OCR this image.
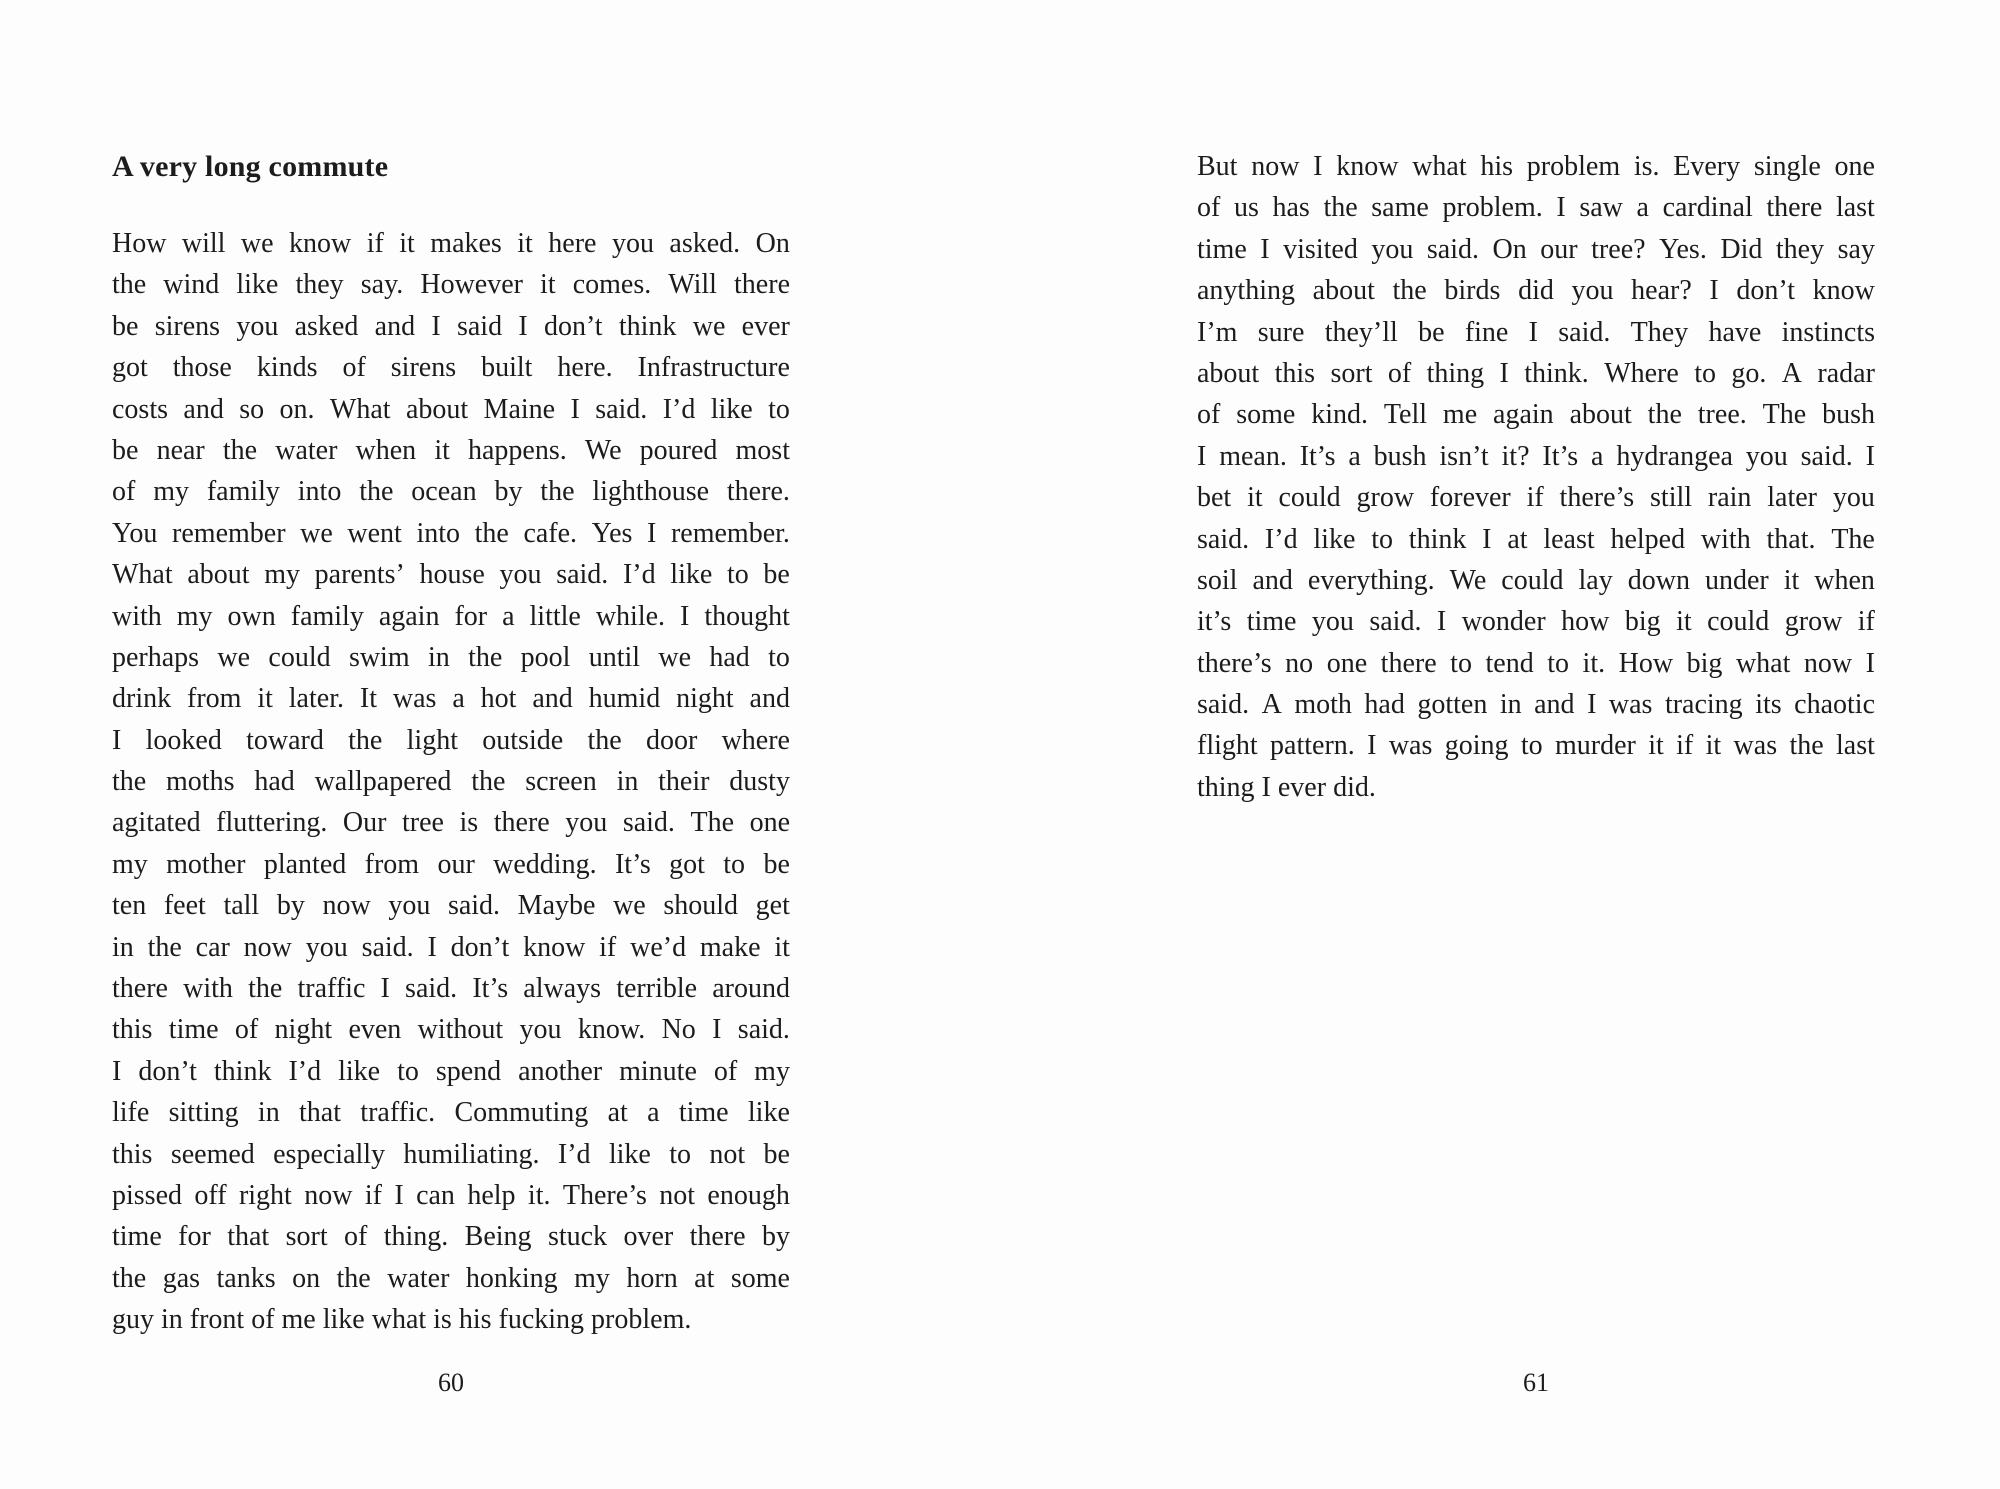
A very long commute
How will we know if it makes it here you asked. On
the wind like they say. However it comes. Will there
be sirens you asked and I said I don’t think we ever
got those kinds of sirens built here. Infrastructure
costs and so on. What about Maine I said. I’d like to
be near the water when it happens. We poured most
of my family into the ocean by the lighthouse there.
You remember we went into the cafe. Yes I remember.
What about my parents’ house you said. I’d like to be
with my own family again for a little while. I thought
perhaps we could swim in the pool until we had to
drink from it later. It was a hot and humid night and
I looked toward the light outside the door where
the moths had wallpapered the screen in their dusty
agitated fluttering. Our tree is there you said. The one
my mother planted from our wedding. It’s got to be
ten feet tall by now you said. Maybe we should get
in the car now you said. I don’t know if we’d make it
there with the traffic I said. It’s always terrible around
this time of night even without you know. No I said.
I don’t think I’d like to spend another minute of my
life sitting in that traffic. Commuting at a time like
this seemed especially humiliating. I’d like to not be
pissed off right now if I can help it. There’s not enough
time for that sort of thing. Being stuck over there by
the gas tanks on the water honking my horn at some
guy in front of me like what is his fucking problem.
60
But now I know what his problem is. Every single one
of us has the same problem. I saw a cardinal there last
time I visited you said. On our tree? Yes. Did they say
anything about the birds did you hear? I don’t know
I’m sure they’ll be fine I said. They have instincts
about this sort of thing I think. Where to go. A radar
of some kind. Tell me again about the tree. The bush
I mean. It’s a bush isn’t it? It’s a hydrangea you said. I
bet it could grow forever if there’s still rain later you
said. I’d like to think I at least helped with that. The
soil and everything. We could lay down under it when
it’s time you said. I wonder how big it could grow if
there’s no one there to tend to it. How big what now I
said. A moth had gotten in and I was tracing its chaotic
flight pattern. I was going to murder it if it was the last
thing I ever did.
61
